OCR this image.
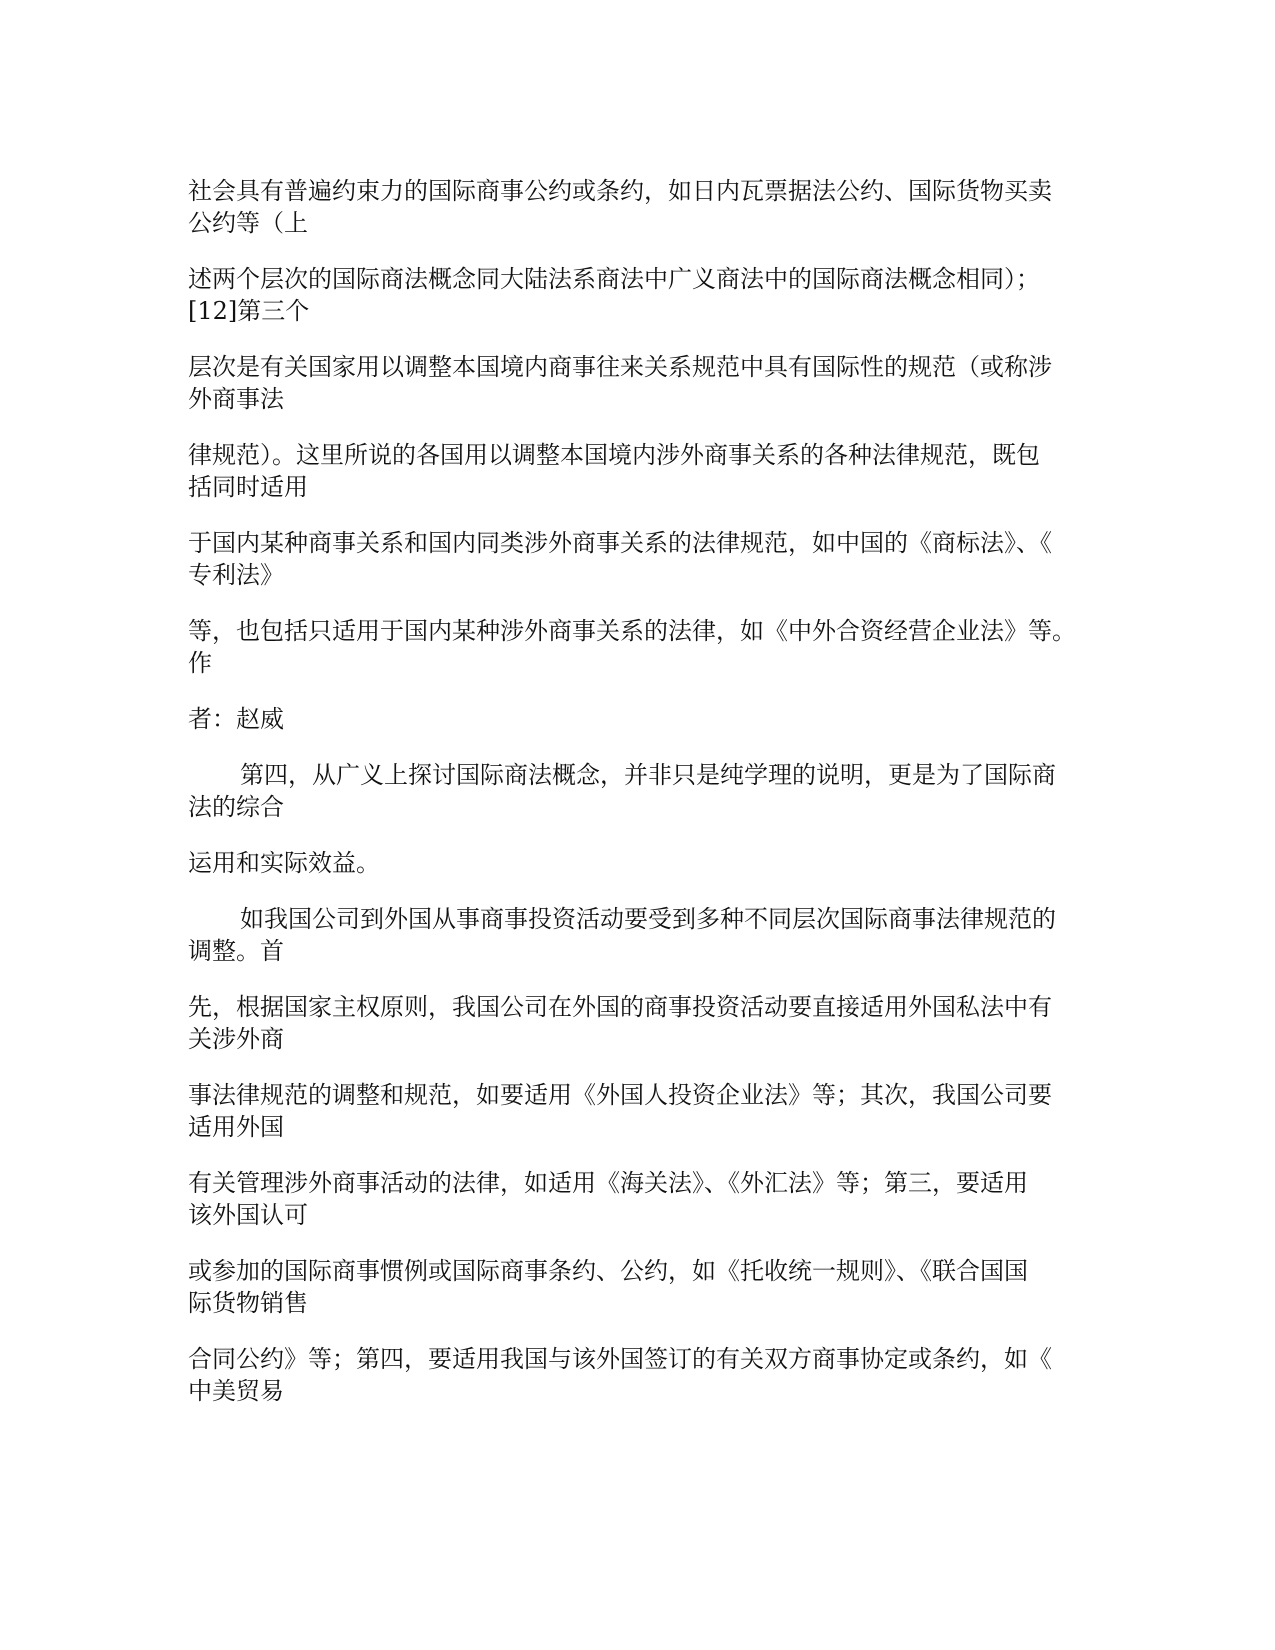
社会具有普遍约束力的国际商事公约或条约，如日内瓦票据法公约、国际货物买卖
公约等（上

述两个层次的国际商法概念同大陆法系商法中广义商法中的国际商法概念相同）；
[12]第三个

层次是有关国家用以调整本国境内商事往来关系规范中具有国际性的规范（或称涉
外商事法

律规范）。这里所说的各国用以调整本国境内涉外商事关系的各种法律规范，既包
括同时适用

于国内某种商事关系和国内同类涉外商事关系的法律规范，如中国的《商标法》、《
专利法》

等，也包括只适用于国内某种涉外商事关系的法律，如《中外合资经营企业法》等。
作

者：赵威

第四，从广义上探讨国际商法概念，并非只是纯学理的说明，更是为了国际商
法的综合

运用和实际效益。

如我国公司到外国从事商事投资活动要受到多种不同层次国际商事法律规范的
调整。首

先，根据国家主权原则，我国公司在外国的商事投资活动要直接适用外国私法中有
关涉外商

事法律规范的调整和规范，如要适用《外国人投资企业法》等；其次，我国公司要
适用外国

有关管理涉外商事活动的法律，如适用《海关法》、《外汇法》等；第三，要适用
该外国认可

或参加的国际商事惯例或国际商事条约、公约，如《托收统一规则》、《联合国国
际货物销售

合同公约》等；第四，要适用我国与该外国签订的有关双方商事协定或条约，如《
中美贸易
